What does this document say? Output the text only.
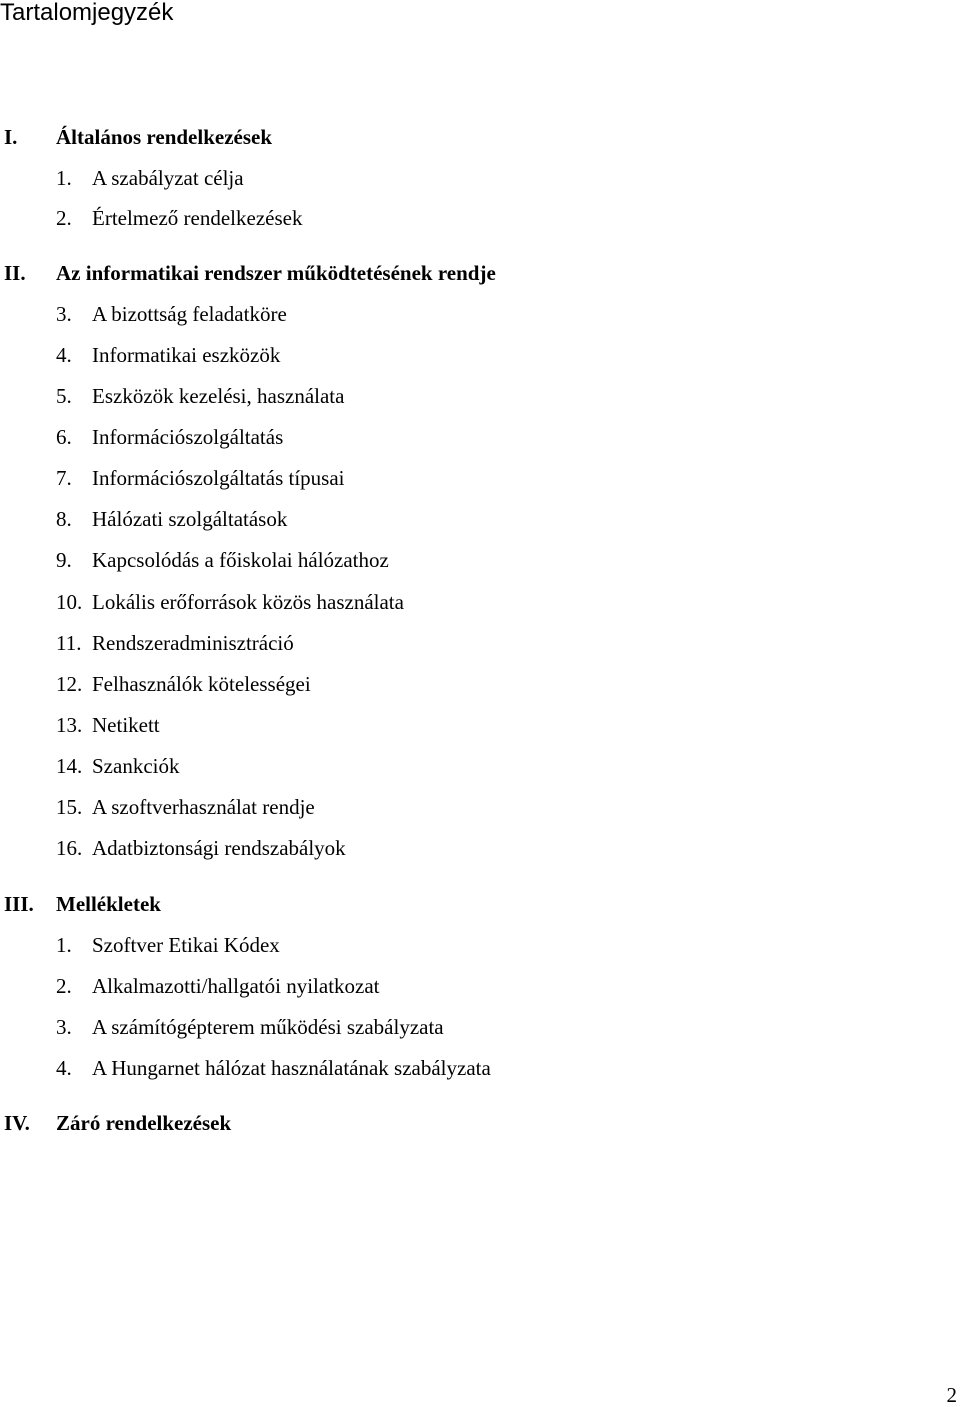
Tartalomjegyzék
I. Általános rendelkezések
1. A szabályzat célja
2. Értelmező rendelkezések
II. Az informatikai rendszer működtetésének rendje
3. A bizottság feladatköre
4. Informatikai eszközök
5. Eszközök kezelési, használata
6. Információszolgáltatás
7. Információszolgáltatás típusai
8. Hálózati szolgáltatások
9. Kapcsolódás a főiskolai hálózathoz
10. Lokális erőforrások közös használata
11. Rendszeradminisztráció
12. Felhasználók kötelességei
13. Netikett
14. Szankciók
15. A szoftverhasználat rendje
16. Adatbiztonsági rendszabályok
III. Mellékletek
1. Szoftver Etikai Kódex
2. Alkalmazotti/hallgatói nyilatkozat
3. A számítógépterem működési szabályzata
4. A Hungarnet hálózat használatának szabályzata
IV. Záró rendelkezések
2
